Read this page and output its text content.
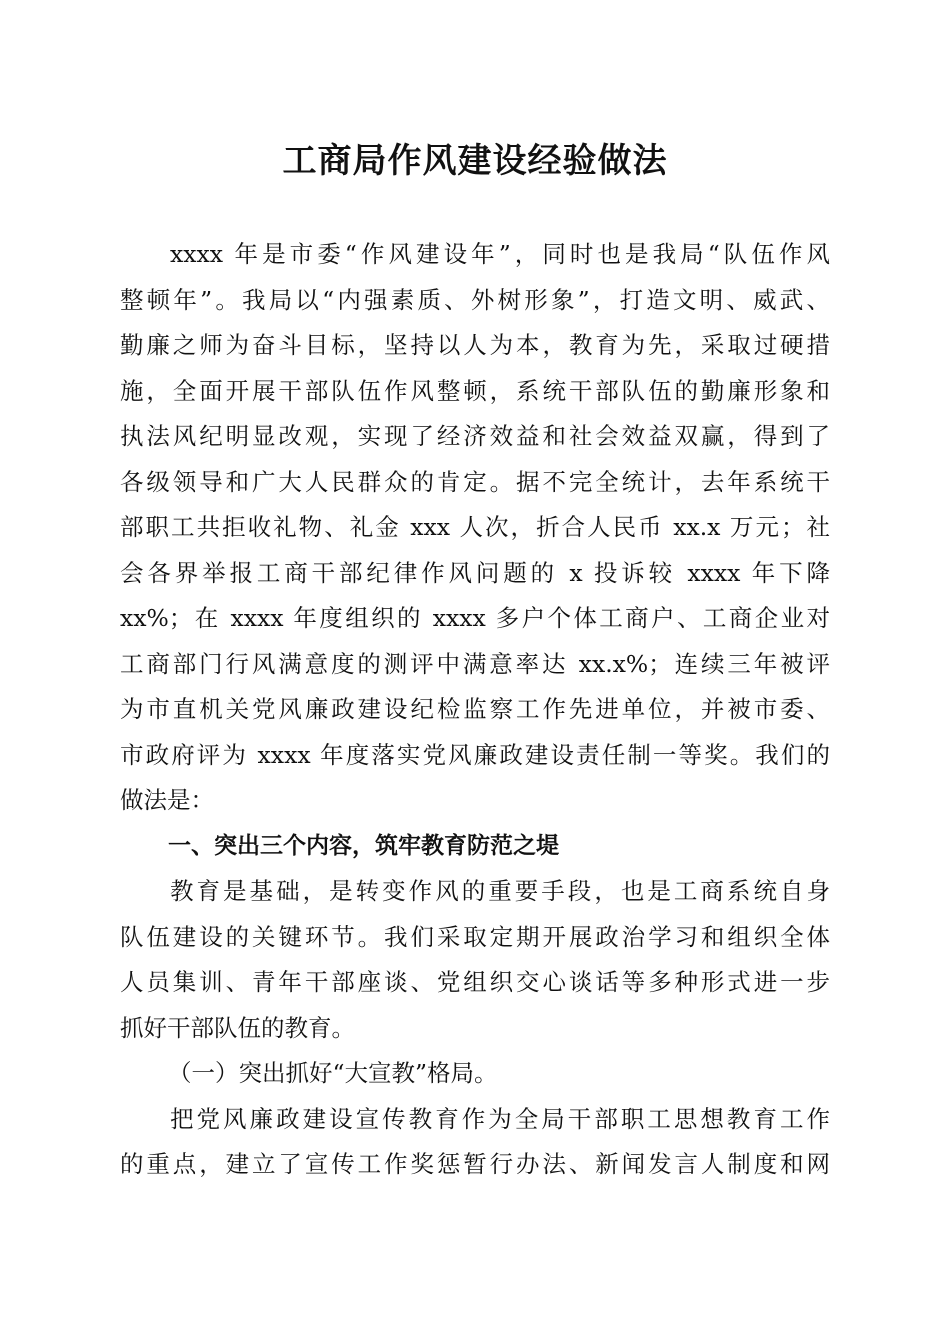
工商局作风建设经验做法
xxxx 年是市委“作风建设年”，同时也是我局“队伍作风
整顿年”。我局以“内强素质、外树形象”，打造文明、威武、
勤廉之师为奋斗目标，坚持以人为本，教育为先，采取过硬措
施，全面开展干部队伍作风整顿，系统干部队伍的勤廉形象和
执法风纪明显改观，实现了经济效益和社会效益双赢，得到了
各级领导和广大人民群众的肯定。据不完全统计，去年系统干
部职工共拒收礼物、礼金 xxx 人次，折合人民币 xx.x 万元；社
会各界举报工商干部纪律作风问题的 x 投诉较 xxxx 年下降
xx%；在 xxxx 年度组织的 xxxx 多户个体工商户、工商企业对
工商部门行风满意度的测评中满意率达 xx.x%；连续三年被评
为市直机关党风廉政建设纪检监察工作先进单位，并被市委、
市政府评为 xxxx 年度落实党风廉政建设责任制一等奖。我们的
做法是：
一、突出三个内容，筑牢教育防范之堤
教育是基础，是转变作风的重要手段，也是工商系统自身
队伍建设的关键环节。我们采取定期开展政治学习和组织全体
人员集训、青年干部座谈、党组织交心谈话等多种形式进一步
抓好干部队伍的教育。
（一）突出抓好“大宣教”格局。
把党风廉政建设宣传教育作为全局干部职工思想教育工作
的重点，建立了宣传工作奖惩暂行办法、新闻发言人制度和网
